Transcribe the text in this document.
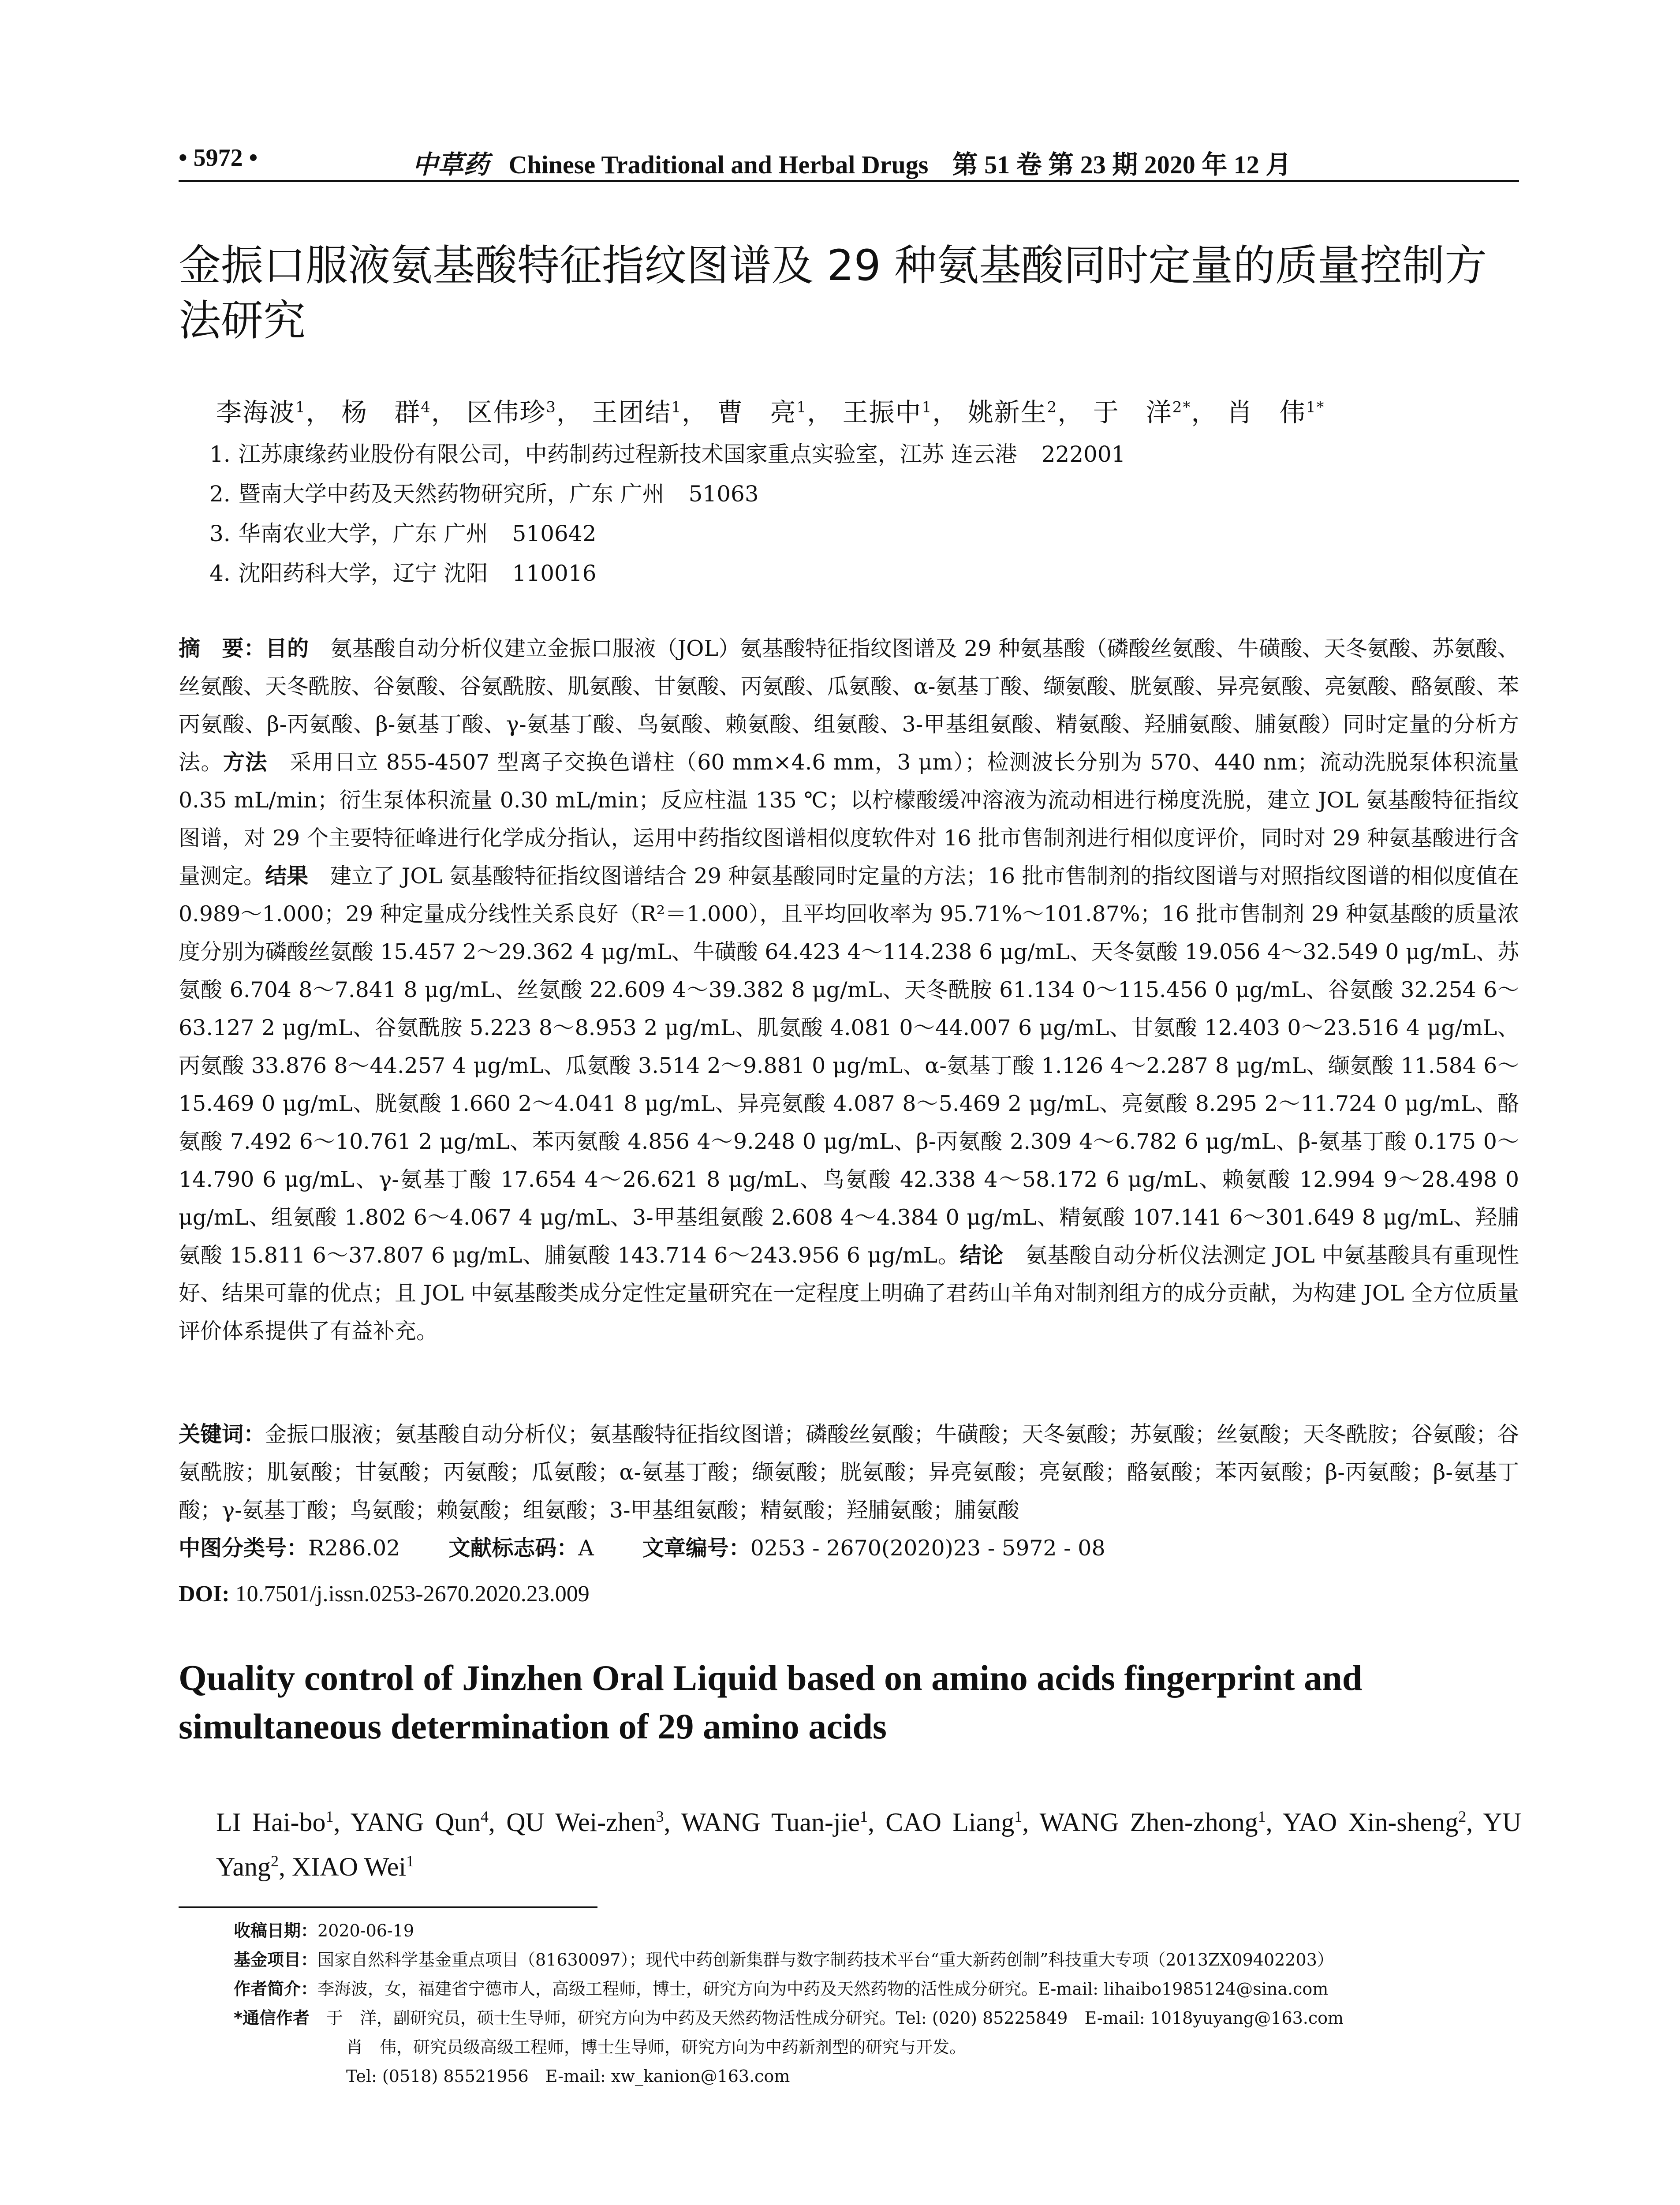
• 5972 •	中草药 Chinese Traditional and Herbal Drugs 第 51 卷 第 23 期 2020 年 12 月
金振口服液氨基酸特征指纹图谱及 29 种氨基酸同时定量的质量控制方法研究
李海波$^1$， 杨　群$^4$， 区伟珍$^3$， 王团结$^1$， 曹　亮$^1$， 王振中$^1$， 姚新生$^2$， 于　洋$^{2*}$， 肖　伟$^{1*}$
1. 江苏康缘药业股份有限公司，中药制药过程新技术国家重点实验室，江苏 连云港 222001
2. 暨南大学中药及天然药物研究所，广东 广州 51063
3. 华南农业大学，广东 广州 510642
4. 沈阳药科大学，辽宁 沈阳 110016
摘　要：目的　氨基酸自动分析仪建立金振口服液（JOL）氨基酸特征指纹图谱及 29 种氨基酸（磷酸丝氨酸、牛磺酸、天冬氨酸、苏氨酸、丝氨酸、天冬酰胺、谷氨酸、谷氨酰胺、肌氨酸、甘氨酸、丙氨酸、瓜氨酸、α-氨基丁酸、缬氨酸、胱氨酸、异亮氨酸、亮氨酸、酪氨酸、苯丙氨酸、β-丙氨酸、β-氨基丁酸、γ-氨基丁酸、鸟氨酸、赖氨酸、组氨酸、3-甲基组氨酸、精氨酸、羟脯氨酸、脯氨酸）同时定量的分析方法。方法　采用日立 855-4507 型离子交换色谱柱（60 mm×4.6 mm，3 μm）；检测波长分别为 570、440 nm；流动洗脱泵体积流量 0.35 mL/min；衍生泵体积流量 0.30 mL/min；反应柱温 135 ℃；以柠檬酸缓冲溶液为流动相进行梯度洗脱，建立 JOL 氨基酸特征指纹图谱，对 29 个主要特征峰进行化学成分指认，运用中药指纹图谱相似度软件对 16 批市售制剂进行相似度评价，同时对 29 种氨基酸进行含量测定。结果　建立了 JOL 氨基酸特征指纹图谱结合 29 种氨基酸同时定量的方法；16 批市售制剂的指纹图谱与对照指纹图谱的相似度值在 0.989～1.000；29 种定量成分线性关系良好（R²＝1.000），且平均回收率为 95.71%～101.87%；16 批市售制剂 29 种氨基酸的质量浓度分别为磷酸丝氨酸 15.457 2～29.362 4 μg/mL、牛磺酸 64.423 4～114.238 6 μg/mL、天冬氨酸 19.056 4～32.549 0 μg/mL、苏氨酸 6.704 8～7.841 8 μg/mL、丝氨酸 22.609 4～39.382 8 μg/mL、天冬酰胺 61.134 0～115.456 0 μg/mL、谷氨酸 32.254 6～63.127 2 μg/mL、谷氨酰胺 5.223 8～8.953 2 μg/mL、肌氨酸 4.081 0～44.007 6 μg/mL、甘氨酸 12.403 0～23.516 4 μg/mL、丙氨酸 33.876 8～44.257 4 μg/mL、瓜氨酸 3.514 2～9.881 0 μg/mL、α-氨基丁酸 1.126 4～2.287 8 μg/mL、缬氨酸 11.584 6～15.469 0 μg/mL、胱氨酸 1.660 2～4.041 8 μg/mL、异亮氨酸 4.087 8～5.469 2 μg/mL、亮氨酸 8.295 2～11.724 0 μg/mL、酪氨酸 7.492 6～10.761 2 μg/mL、苯丙氨酸 4.856 4～9.248 0 μg/mL、β-丙氨酸 2.309 4～6.782 6 μg/mL、β-氨基丁酸 0.175 0～14.790 6 μg/mL、γ-氨基丁酸 17.654 4～26.621 8 μg/mL、鸟氨酸 42.338 4～58.172 6 μg/mL、赖氨酸 12.994 9～28.498 0 μg/mL、组氨酸 1.802 6～4.067 4 μg/mL、3-甲基组氨酸 2.608 4～4.384 0 μg/mL、精氨酸 107.141 6～301.649 8 μg/mL、羟脯氨酸 15.811 6～37.807 6 μg/mL、脯氨酸 143.714 6～243.956 6 μg/mL。结论　氨基酸自动分析仪法测定 JOL 中氨基酸具有重现性好、结果可靠的优点；且 JOL 中氨基酸类成分定性定量研究在一定程度上明确了君药山羊角对制剂组方的成分贡献，为构建 JOL 全方位质量评价体系提供了有益补充。
关键词：金振口服液；氨基酸自动分析仪；氨基酸特征指纹图谱；磷酸丝氨酸；牛磺酸；天冬氨酸；苏氨酸；丝氨酸；天冬酰胺；谷氨酸；谷氨酰胺；肌氨酸；甘氨酸；丙氨酸；瓜氨酸；α-氨基丁酸；缬氨酸；胱氨酸；异亮氨酸；亮氨酸；酪氨酸；苯丙氨酸；β-丙氨酸；β-氨基丁酸；γ-氨基丁酸；鸟氨酸；赖氨酸；组氨酸；3-甲基组氨酸；精氨酸；羟脯氨酸；脯氨酸
中图分类号：R286.02 文献标志码：A 文章编号：0253 - 2670(2020)23 - 5972 - 08
DOI: 10.7501/j.issn.0253-2670.2020.23.009
Quality control of Jinzhen Oral Liquid based on amino acids fingerprint and simultaneous determination of 29 amino acids
LI Hai-$bo^1$, YANG Qun$^4$, QU Wei-zhen$^3$, WANG Tuan-jie$^1$, CAO Liang$^1$, WANG Zhen-zhong$^1$, YAO Xin-sheng$^2$, YU Yang$^2$, XIAO Wei$^1$
收稿日期：2020-06-19
基金项目：国家自然科学基金重点项目（81630097）；现代中药创新集群与数字制药技术平台“重大新药创制”科技重大专项（2013ZX09402203）
作者简介：李海波，女，福建省宁德市人，高级工程师，博士，研究方向为中药及天然药物的活性成分研究。E-mail: lihaibo1985124@sina.com
*通信作者　 于　洋，副研究员，硕士生导师，研究方向为中药及天然药物活性成分研究。Tel: (020) 85225849　E-mail: 1018yuyang@163.com
肖　伟，研究员级高级工程师，博士生导师，研究方向为中药新剂型的研究与开发。
Tel: (0518) 85521956　E-mail: xw_kanion@163.com
